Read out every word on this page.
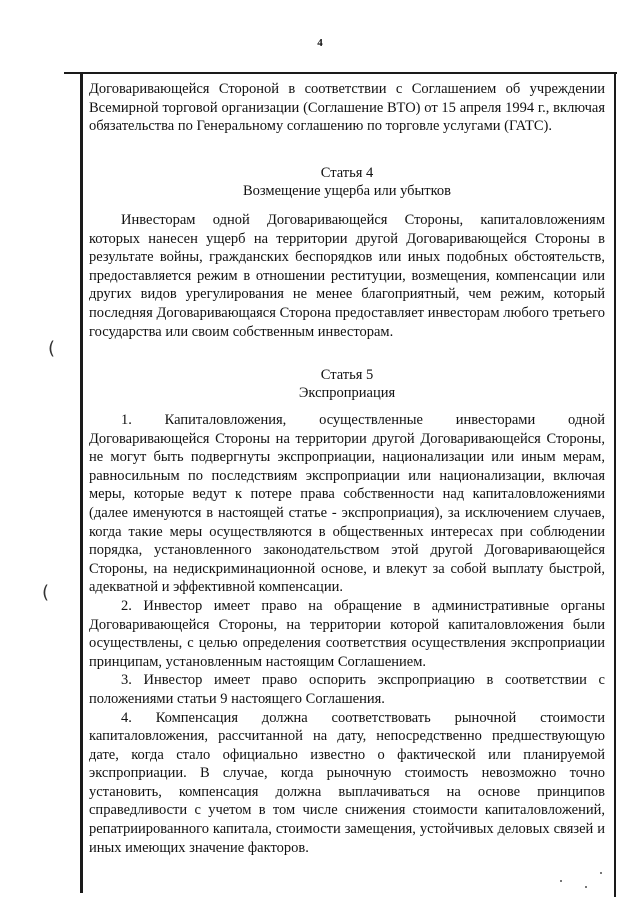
4
(
(

Договаривающейся Стороной в соответствии с Соглашением об учреждении Всемирной торговой организации (Соглашение ВТО) от 15 апреля 1994 г., включая обязательства по Генеральному соглашению по торговле услугами (ГАТС).

Статья 4
Возмещение ущерба или убытков

Инвесторам одной Договаривающейся Стороны, капиталовложениям которых нанесен ущерб на территории другой Договаривающейся Стороны в результате войны, гражданских беспорядков или иных подобных обстоятельств, предоставляется режим в отношении реституции, возмещения, компенсации или других видов урегулирования не менее благоприятный, чем режим, который последняя Договаривающаяся Сторона предоставляет инвесторам любого третьего государства или своим собственным инвесторам.

Статья 5
Экспроприация

1. Капиталовложения, осуществленные инвесторами одной Договаривающейся Стороны на территории другой Договаривающейся Стороны, не могут быть подвергнуты экспроприации, национализации или иным мерам, равносильным по последствиям экспроприации или национализации, включая меры, которые ведут к потере права собственности над капиталовложениями (далее именуются в настоящей статье - экспроприация), за исключением случаев, когда такие меры осуществляются в общественных интересах при соблюдении порядка, установленного законодательством этой другой Договаривающейся Стороны, на недискриминационной основе, и влекут за собой выплату быстрой, адекватной и эффективной компенсации.

2. Инвестор имеет право на обращение в административные органы Договаривающейся Стороны, на территории которой капиталовложения были осуществлены, с целью определения соответствия осуществления экспроприации принципам, установленным настоящим Соглашением.

3. Инвестор имеет право оспорить экспроприацию в соответствии с положениями статьи 9 настоящего Соглашения.

4. Компенсация должна соответствовать рыночной стоимости капиталовложения, рассчитанной на дату, непосредственно предшествующую дате, когда стало официально известно о фактической или планируемой экспроприации. В случае, когда рыночную стоимость невозможно точно установить, компенсация должна выплачиваться на основе принципов справедливости с учетом в том числе снижения стоимости капиталовложений, репатриированного капитала, стоимости замещения, устойчивых деловых связей и иных имеющих значение факторов.
